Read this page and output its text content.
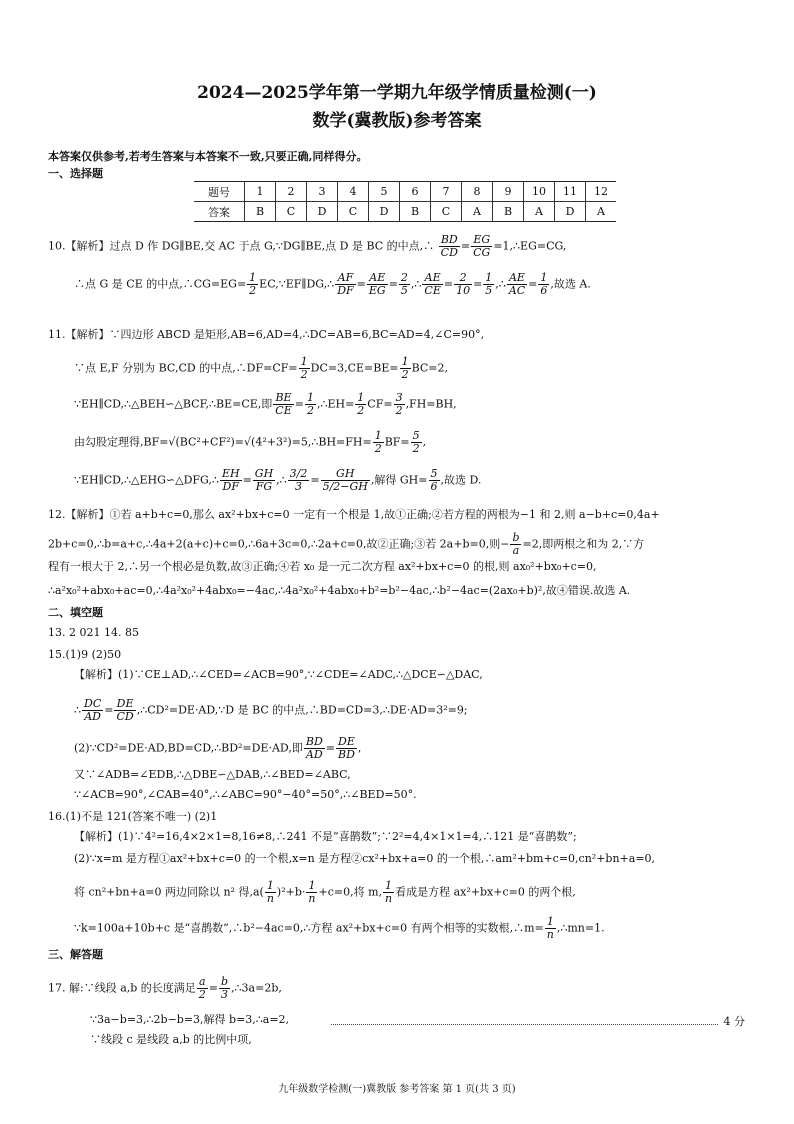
2024—2025学年第一学期九年级学情质量检测(一)
数学(冀教版)参考答案
本答案仅供参考,若考生答案与本答案不一致,只要正确,同样得分。
一、选择题
题号	1	2	3	4	5	6	7	8	9	10	11	12
答案	B	C	D	C	D	B	C	A	B	A	D	A
10.【解析】过点 D 作 DG∥BE,交 AC 于点 G,∵DG∥BE,点 D 是 BC 的中点,∴ $\frac{BD}{CD} = \frac{EG}{CG}$ =1,∴EG=CG,
∴点 G 是 CE 的中点,∴CG=EG= $\frac{1}{2}$ EC,∵EF∥DG,∴ $\frac{AF}{DF} = \frac{AE}{EG} = \frac{2}{5}$ ,∴ $\frac{AE}{CE} = \frac{2}{10} = \frac{1}{5}$ ,∴ $\frac{AE}{AC} = \frac{1}{6}$ ,故选 A.
11.【解析】∵四边形 ABCD 是矩形,AB=6,AD=4,∴DC=AB=6,BC=AD=4,∠C=90°,
∵点 E,F 分别为 BC,CD 的中点,∴DF=CF= $\frac{1}{2} DC=3,CE=BE= \frac{1}{2} BC=2$,
∵EH∥CD,∴△BEH∽△BCF,∴BE=CE,即 $\frac{BE}{CE} = \frac{1}{2}$ ,∴EH= $\frac{1}{2} CF= \frac{3}{2} ,FH=BH$,
由勾股定理得,BF=√(BC²+CF²)=√(4²+3²)=5,∴BH=FH= $\frac{1}{2} BF= \frac{5}{2}$ ,
∵EH∥CD,∴△EHG∽△DFG,∴ $\frac{EH}{DF} = \frac{GH}{FG}$ ,∴ $\frac{3/2}{3} = \frac{GH}{5/2-GH}$ ,解得 $GH= \frac{5}{6}$ ,故选 D.
12.【解析】①若 a+b+c=0,那么 ax²+bx+c=0 一定有一个根是 1,故①正确;②若方程的两根为−1 和 2,则 a−b+c=0,4a+
2b+c=0,∴b=a+c,∴4a+2(a+c)+c=0,∴6a+3c=0,∴2a+c=0,故②正确;③若 2a+b=0,则− $\frac{b}{a} =2$,即两根之和为 2,∵方
程有一根大于 2,∴另一个根必是负数,故③正确;④若 x₀ 是一元二次方程 ax²+bx+c=0 的根,则 ax₀²+bx₀+c=0,
∴a²x₀²+abx₀+ac=0,∴4a²x₀²+4abx₀=−4ac,∴4a²x₀²+4abx₀+b²=b²−4ac,∴b²−4ac=(2ax₀+b)²,故④错误.故选 A.
二、填空题
13. 2 021 14. 85
15.(1)9 (2)50
【解析】(1)∵CE⊥AD,∴∠CED=∠ACB=90°,∵∠CDE=∠ADC,∴△DCE∽△DAC,
∴ $\frac{DC}{AD} = \frac{DE}{CD}$ ,∴CD²=DE·AD,∵D 是 BC 的中点,∴BD=CD=3,∴DE·AD=3²=9;
(2)∵CD²=DE·AD,BD=CD,∴BD²=DE·AD,即 $\frac{BD}{AD} = \frac{DE}{BD}$ ,
又∵∠ADB=∠EDB,∴△DBE∽△DAB,∴∠BED=∠ABC,
∵∠ACB=90°,∠CAB=40°,∴∠ABC=90°−40°=50°,∴∠BED=50°.
16.(1)不是 121(答案不唯一) (2)1
【解析】(1)∵4²=16,4×2×1=8,16≠8,∴241 不是“喜鹊数”;∵2²=4,4×1×1=4,∴121 是“喜鹊数”;
(2)∵x=m 是方程①ax²+bx+c=0 的一个根,x=n 是方程②cx²+bx+a=0 的一个根,∴am²+bm+c=0,cn²+bn+a=0,
将 cn²+bn+a=0 两边同除以 n² 得$,a( \frac{1}{n} )^2+b\cdot \frac{1}{n} +c=0$,将 m, $\frac{1}{n}$ 看成是方程 ax²+bx+c=0 的两个根,
∵k=100a+10b+c 是“喜鹊数”,∴b²−4ac=0,∴方程 ax²+bx+c=0 有两个相等的实数根,∴m= $\frac{1}{n}$ ,∴mn=1.
三、解答题
17. 解:∵线段 a,b 的长度满足 $\frac{a}{2} = \frac{b}{3}$ ,∴3a=2b,
∵3a−b=3,∴2b−b=3,解得 b=3,∴a=2,	4 分
∵线段 c 是线段 a,b 的比例中项,
九年级数学检测(一)冀教版 参考答案 第 1 页(共 3 页)
